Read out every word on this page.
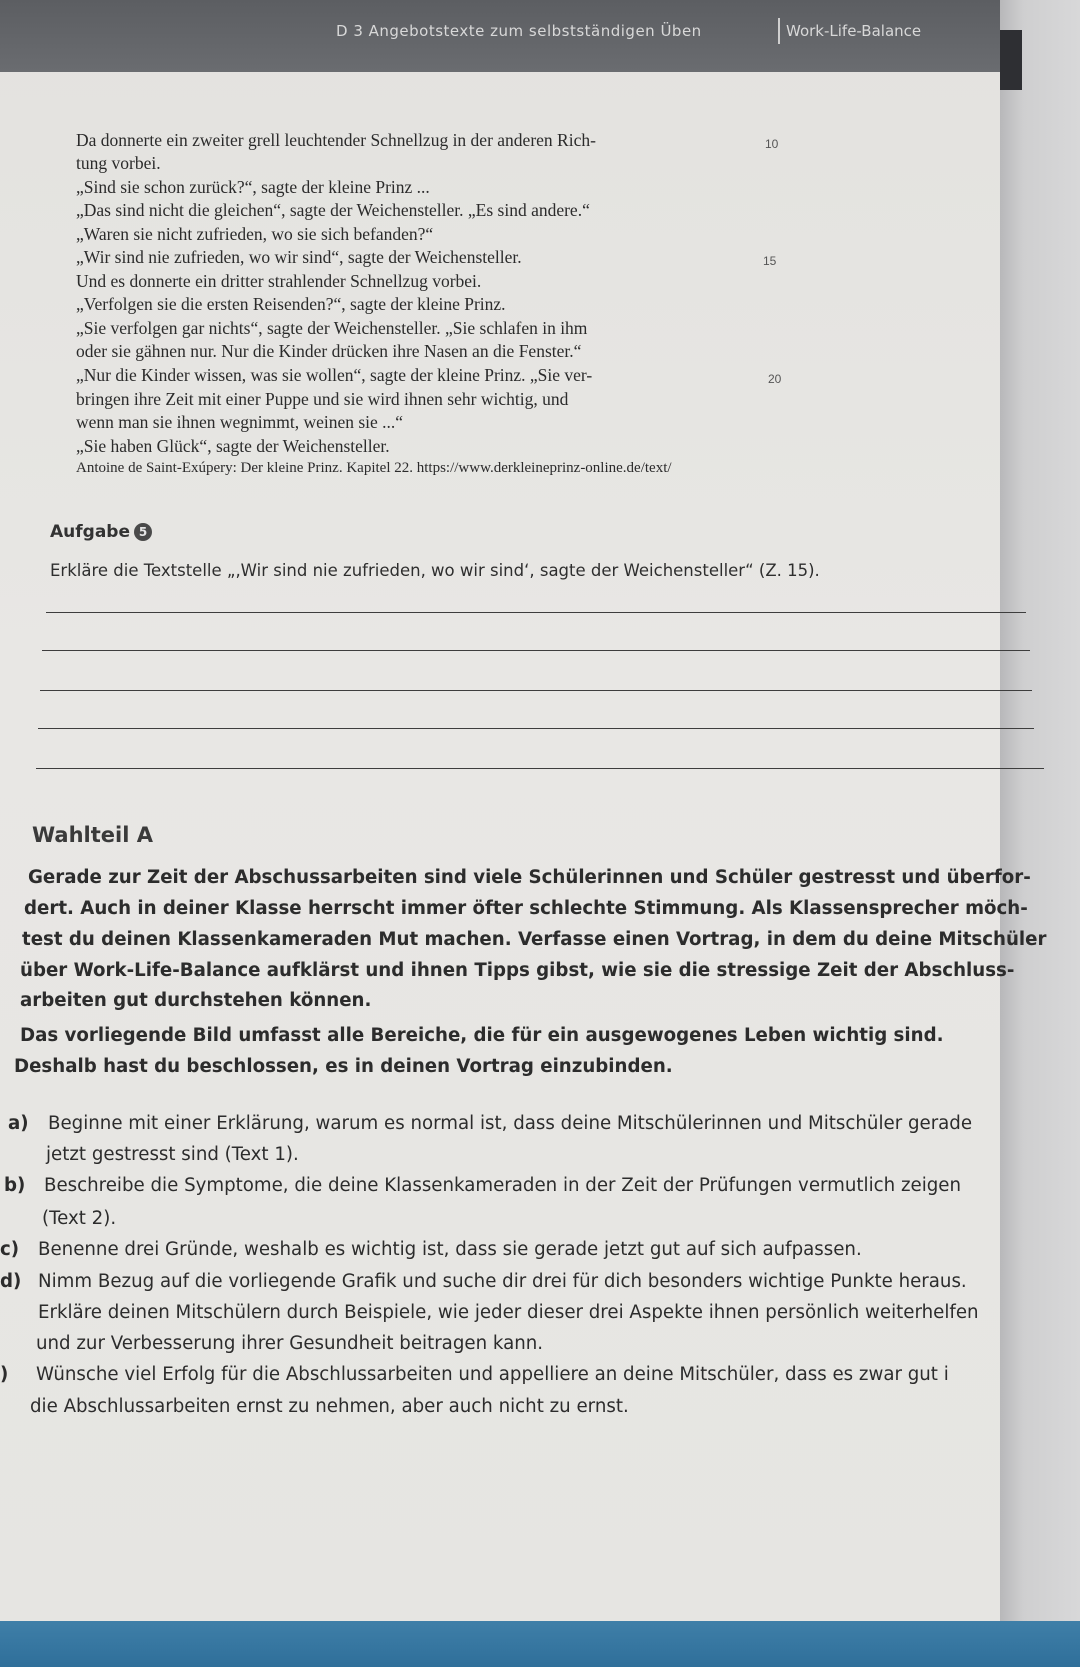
D 3 Angebotstexte zum selbstständigen Üben	Work-Life-Balance
Da donnerte ein zweiter grell leuchtender Schnellzug in der anderen Rich-
tung vorbei.
„Sind sie schon zurück?“, sagte der kleine Prinz ...
„Das sind nicht die gleichen“, sagte der Weichensteller. „Es sind andere.“
„Waren sie nicht zufrieden, wo sie sich befanden?“
„Wir sind nie zufrieden, wo wir sind“, sagte der Weichensteller.
Und es donnerte ein dritter strahlender Schnellzug vorbei.
„Verfolgen sie die ersten Reisenden?“, sagte der kleine Prinz.
„Sie verfolgen gar nichts“, sagte der Weichensteller. „Sie schlafen in ihm
oder sie gähnen nur. Nur die Kinder drücken ihre Nasen an die Fenster.“
„Nur die Kinder wissen, was sie wollen“, sagte der kleine Prinz. „Sie ver-
bringen ihre Zeit mit einer Puppe und sie wird ihnen sehr wichtig, und
wenn man sie ihnen wegnimmt, weinen sie ...“
„Sie haben Glück“, sagte der Weichensteller.
10
15
20
Antoine de Saint-Exúpery: Der kleine Prinz. Kapitel 22. https://www.derkleineprinz-online.de/text/
Aufgabe 5
Erkläre die Textstelle „‚Wir sind nie zufrieden, wo wir sind‘, sagte der Weichensteller“ (Z. 15).
Wahlteil A
Gerade zur Zeit der Abschussarbeiten sind viele Schülerinnen und Schüler gestresst und überfor-
dert. Auch in deiner Klasse herrscht immer öfter schlechte Stimmung. Als Klassensprecher möch-
test du deinen Klassenkameraden Mut machen. Verfasse einen Vortrag, in dem du deine Mitschüler
über Work-Life-Balance aufklärst und ihnen Tipps gibst, wie sie die stressige Zeit der Abschluss-
arbeiten gut durchstehen können.
Das vorliegende Bild umfasst alle Bereiche, die für ein ausgewogenes Leben wichtig sind.
Deshalb hast du beschlossen, es in deinen Vortrag einzubinden.
a) Beginne mit einer Erklärung, warum es normal ist, dass deine Mitschülerinnen und Mitschüler gerade
jetzt gestresst sind (Text 1).
b) Beschreibe die Symptome, die deine Klassenkameraden in der Zeit der Prüfungen vermutlich zeigen
(Text 2).
c) Benenne drei Gründe, weshalb es wichtig ist, dass sie gerade jetzt gut auf sich aufpassen.
d) Nimm Bezug auf die vorliegende Grafik und suche dir drei für dich besonders wichtige Punkte heraus.
Erkläre deinen Mitschülern durch Beispiele, wie jeder dieser drei Aspekte ihnen persönlich weiterhelfen
und zur Verbesserung ihrer Gesundheit beitragen kann.
) Wünsche viel Erfolg für die Abschlussarbeiten und appelliere an deine Mitschüler, dass es zwar gut i
die Abschlussarbeiten ernst zu nehmen, aber auch nicht zu ernst.
